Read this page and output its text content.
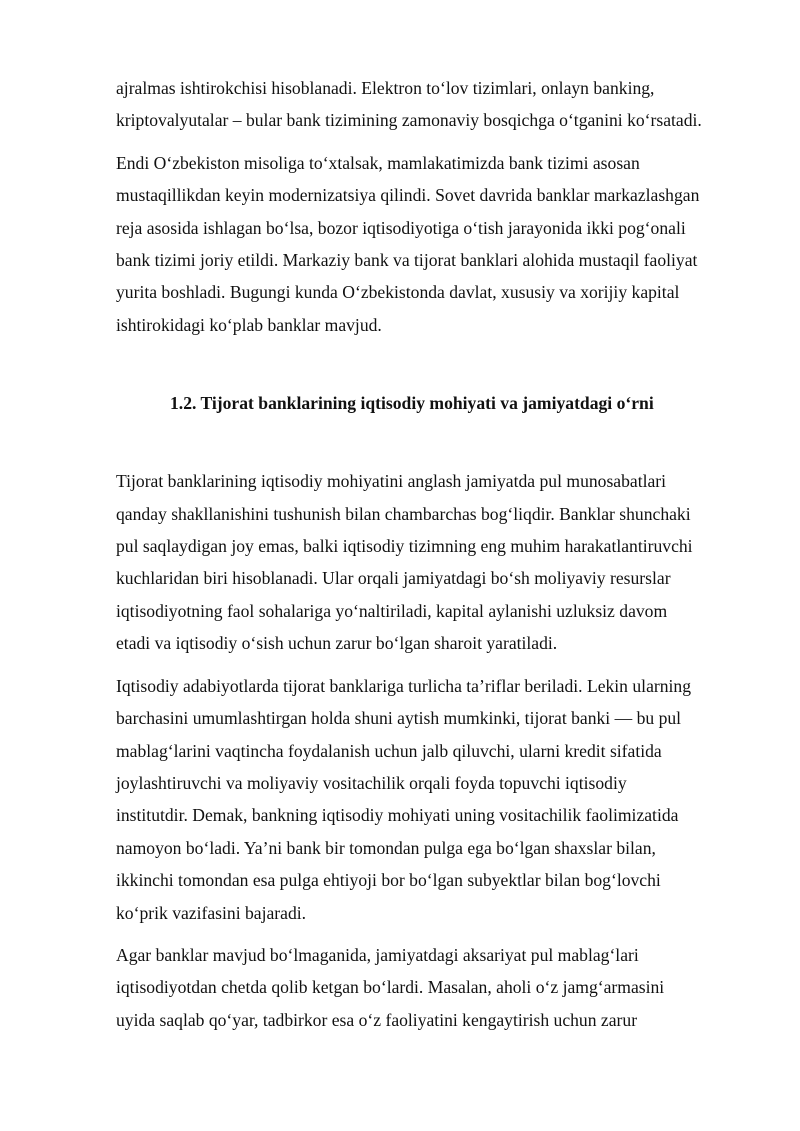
ajralmas ishtirokchisi hisoblanadi. Elektron to‘lov tizimlari, onlayn banking,
kriptovalyutalar – bular bank tizimining zamonaviy bosqichga o‘tganini ko‘rsatadi.

Endi O‘zbekiston misoliga to‘xtalsak, mamlakatimizda bank tizimi asosan
mustaqillikdan keyin modernizatsiya qilindi. Sovet davrida banklar markazlashgan
reja asosida ishlagan bo‘lsa, bozor iqtisodiyotiga o‘tish jarayonida ikki pog‘onali
bank tizimi joriy etildi. Markaziy bank va tijorat banklari alohida mustaqil faoliyat
yurita boshladi. Bugungi kunda O‘zbekistonda davlat, xususiy va xorijiy kapital
ishtirokidagi ko‘plab banklar mavjud.

1.2. Tijorat banklarining iqtisodiy mohiyati va jamiyatdagi o‘rni

Tijorat banklarining iqtisodiy mohiyatini anglash jamiyatda pul munosabatlari
qanday shakllanishini tushunish bilan chambarchas bog‘liqdir. Banklar shunchaki
pul saqlaydigan joy emas, balki iqtisodiy tizimning eng muhim harakatlantiruvchi
kuchlaridan biri hisoblanadi. Ular orqali jamiyatdagi bo‘sh moliyaviy resurslar
iqtisodiyotning faol sohalariga yo‘naltiriladi, kapital aylanishi uzluksiz davom
etadi va iqtisodiy o‘sish uchun zarur bo‘lgan sharoit yaratiladi.

Iqtisodiy adabiyotlarda tijorat banklariga turlicha ta’riflar beriladi. Lekin ularning
barchasini umumlashtirgan holda shuni aytish mumkinki, tijorat banki — bu pul
mablag‘larini vaqtincha foydalanish uchun jalb qiluvchi, ularni kredit sifatida
joylashtiruvchi va moliyaviy vositachilik orqali foyda topuvchi iqtisodiy
institutdir. Demak, bankning iqtisodiy mohiyati uning vositachilik faolimizatida
namoyon bo‘ladi. Ya’ni bank bir tomondan pulga ega bo‘lgan shaxslar bilan,
ikkinchi tomondan esa pulga ehtiyoji bor bo‘lgan subyektlar bilan bog‘lovchi
ko‘prik vazifasini bajaradi.

Agar banklar mavjud bo‘lmaganida, jamiyatdagi aksariyat pul mablag‘lari
iqtisodiyotdan chetda qolib ketgan bo‘lardi. Masalan, aholi o‘z jamg‘armasini
uyida saqlab qo‘yar, tadbirkor esa o‘z faoliyatini kengaytirish uchun zarur
